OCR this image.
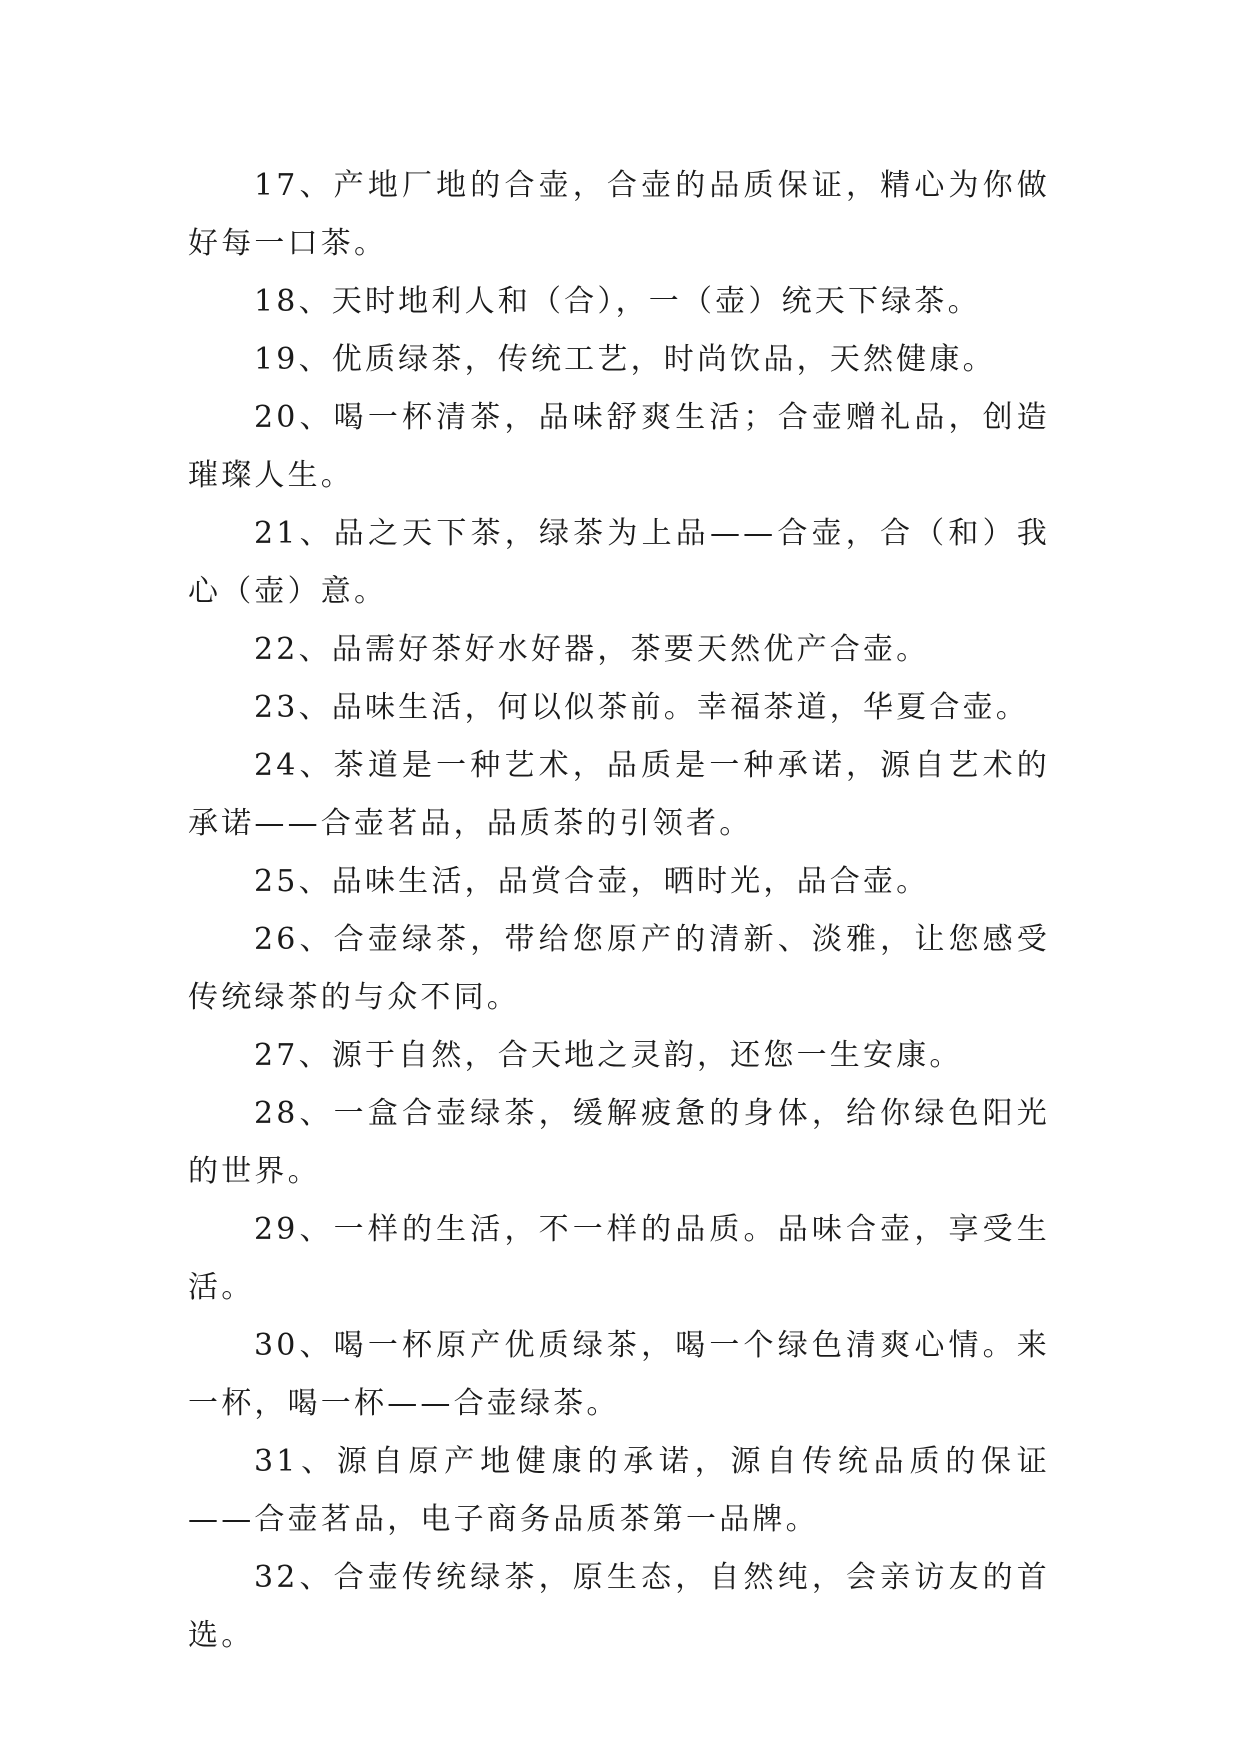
17、产地厂地的合壶，合壶的品质保证，精心为你做好每一口茶。

18、天时地利人和（合），一（壶）统天下绿茶。

19、优质绿茶，传统工艺，时尚饮品，天然健康。

20、喝一杯清茶，品味舒爽生活；合壶赠礼品，创造璀璨人生。

21、品之天下茶，绿茶为上品——合壶，合（和）我心（壶）意。

22、品需好茶好水好器，茶要天然优产合壶。

23、品味生活，何以似茶前。幸福茶道，华夏合壶。

24、茶道是一种艺术，品质是一种承诺，源自艺术的承诺——合壶茗品，品质茶的引领者。

25、品味生活，品赏合壶，晒时光，品合壶。

26、合壶绿茶，带给您原产的清新、淡雅，让您感受传统绿茶的与众不同。

27、源于自然，合天地之灵韵，还您一生安康。

28、一盒合壶绿茶，缓解疲惫的身体，给你绿色阳光的世界。

29、一样的生活，不一样的品质。品味合壶，享受生活。

30、喝一杯原产优质绿茶，喝一个绿色清爽心情。来一杯，喝一杯——合壶绿茶。

31、源自原产地健康的承诺，源自传统品质的保证——合壶茗品，电子商务品质茶第一品牌。

32、合壶传统绿茶，原生态，自然纯，会亲访友的首选。
